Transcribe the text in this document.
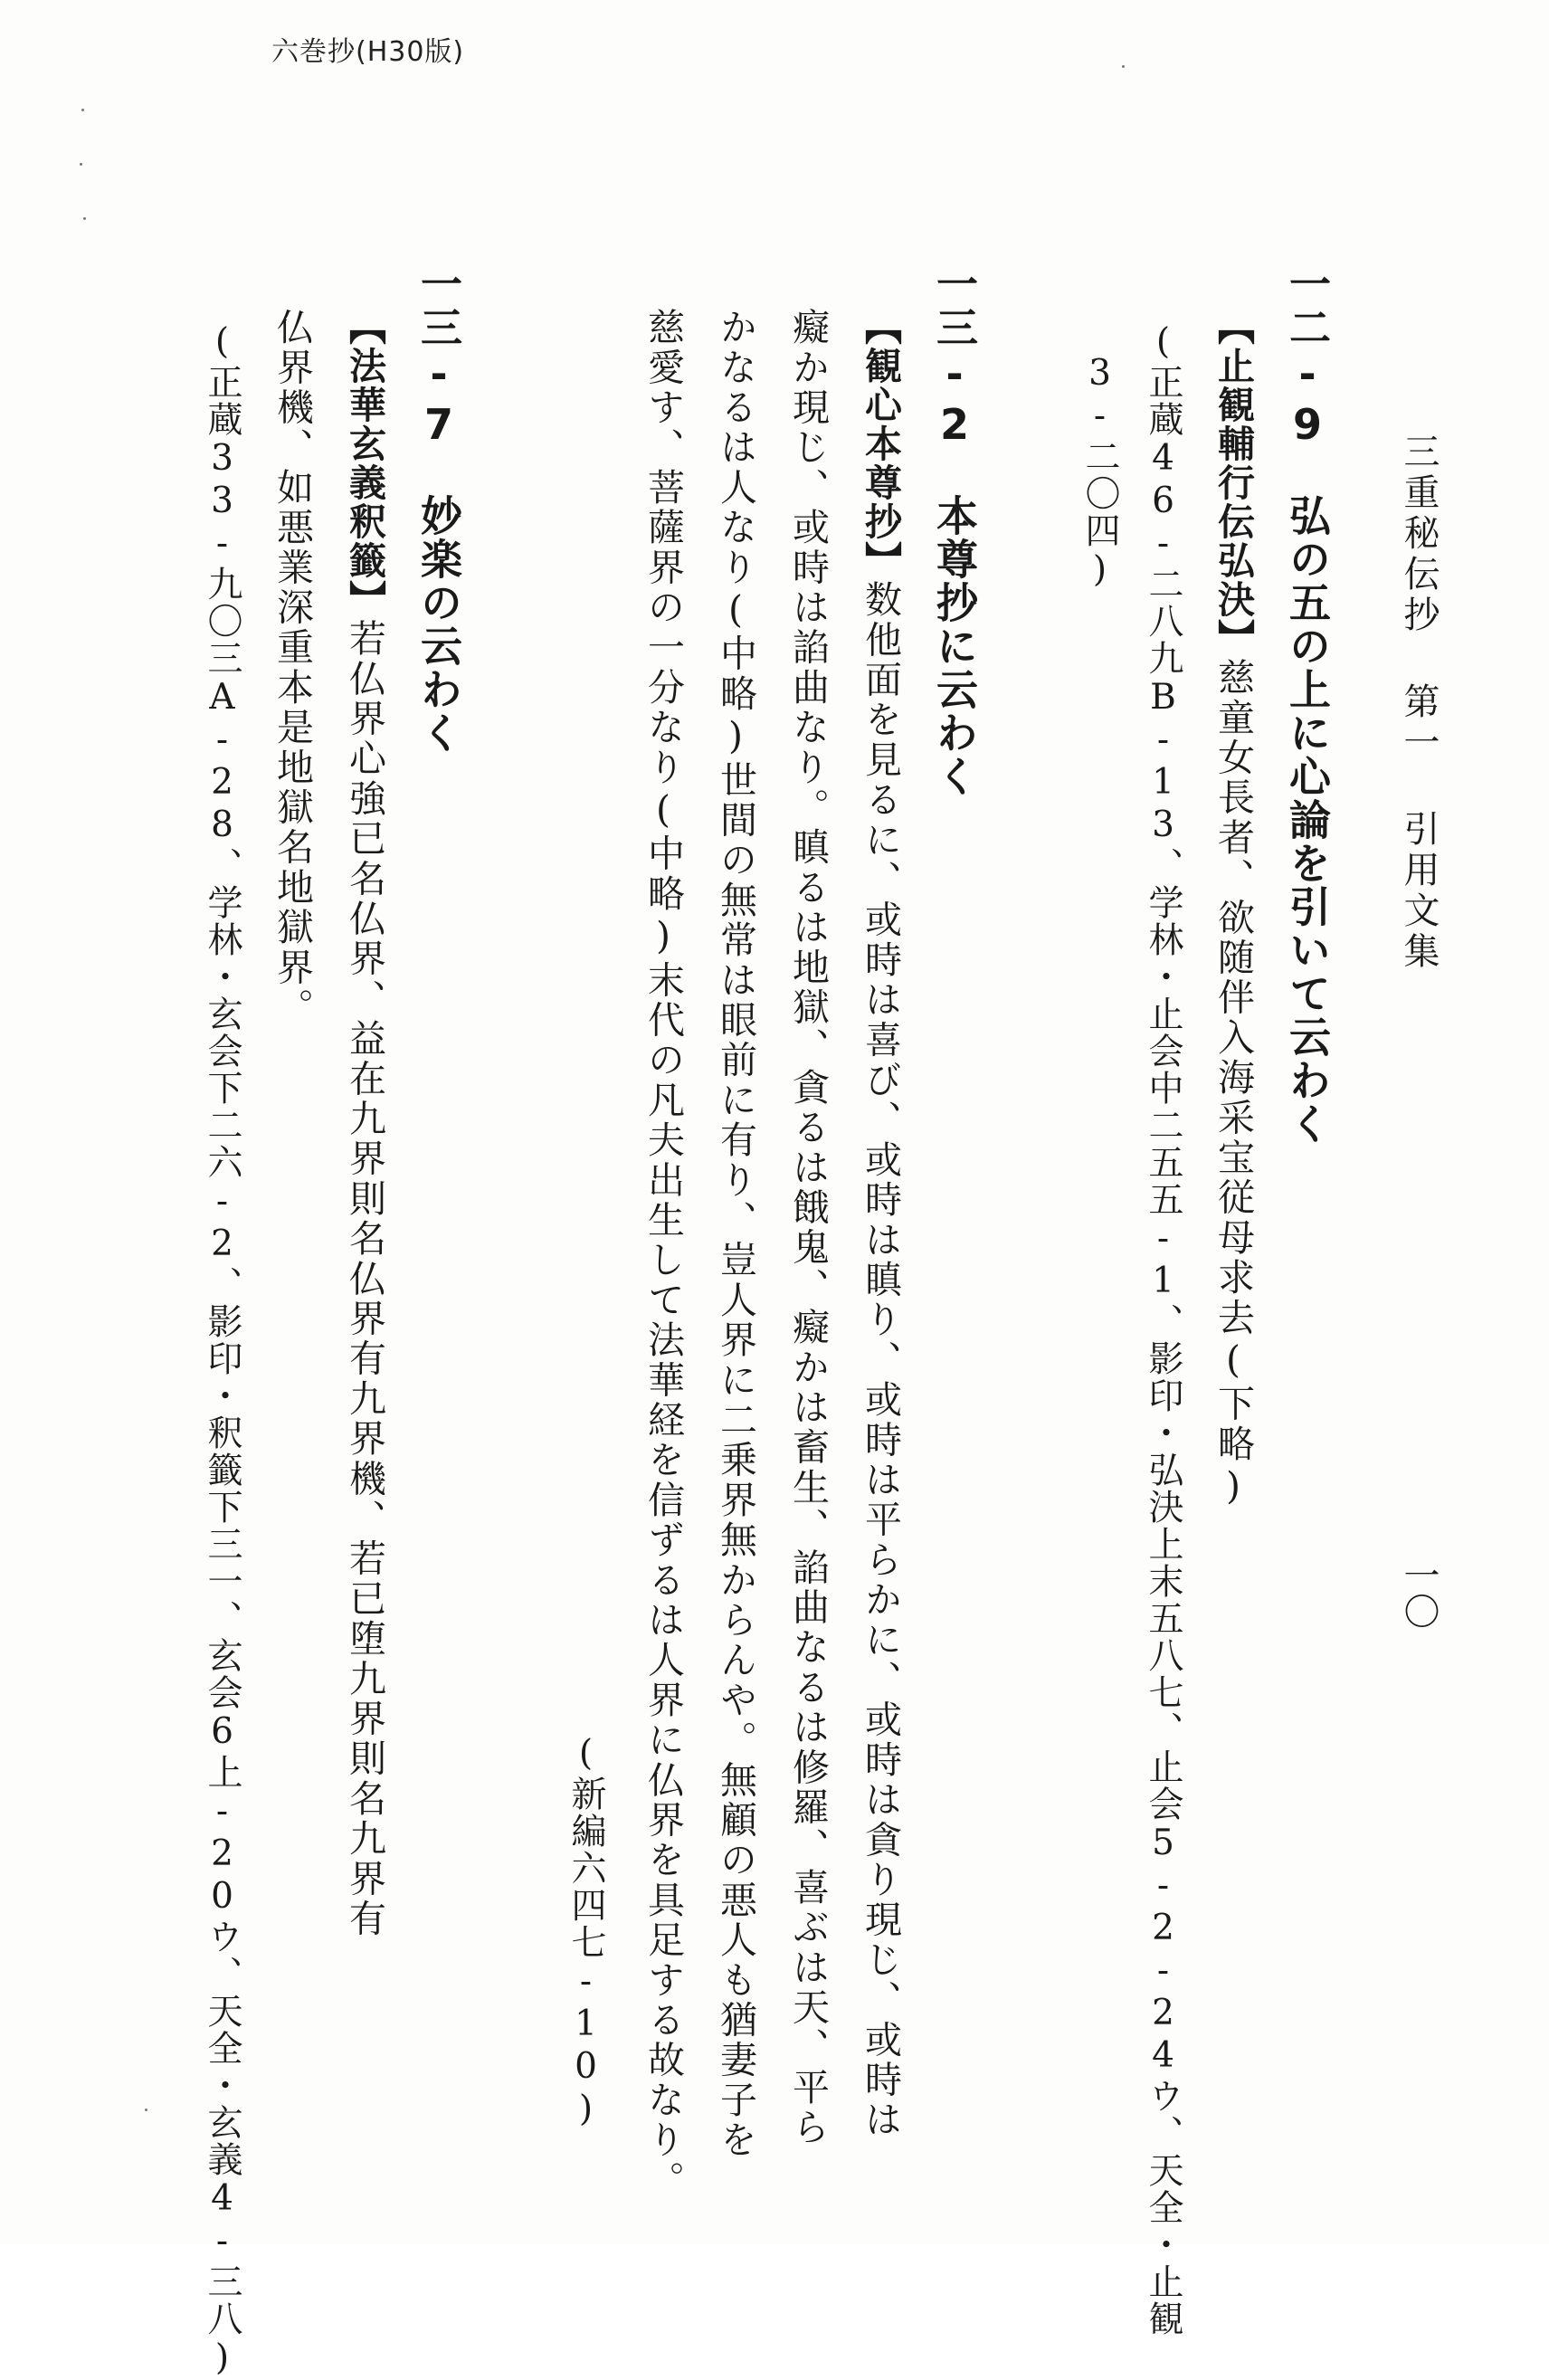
六巻抄(H30版)
三重秘伝抄 第一 引用文集
一〇
一二-9　弘の五の上に心論を引いて云わく
【止観輔行伝弘決】慈童女長者、欲随伴入海采宝従母求去(下略)
(正蔵46-二八九B-13、学林・止会中二五五-1、影印・弘決上末五八七、止会5-2-24ウ、天全・止観
3-二〇四)
一三-2　本尊抄に云わく
【観心本尊抄】数他面を見るに、或時は喜び、或時は瞋り、或時は平らかに、或時は貪り現じ、或時は
癡か現じ、或時は諂曲なり。瞋るは地獄、貪るは餓鬼、癡かは畜生、諂曲なるは修羅、喜ぶは天、平ら
かなるは人なり(中略)世間の無常は眼前に有り、豈人界に二乗界無からんや。無顧の悪人も猶妻子を
慈愛す、菩薩界の一分なり(中略)末代の凡夫出生して法華経を信ずるは人界に仏界を具足する故なり。
(新編六四七-10)
一三-7　妙楽の云わく
【法華玄義釈籤】若仏界心強已名仏界、益在九界則名仏界有九界機、若已堕九界則名九界有
仏界機、如悪業深重本是地獄名地獄界。
(正蔵33-九〇三A-28、学林・玄会下二六-2、影印・釈籤下三一、玄会6上-20ウ、天全・玄義4-三八)
